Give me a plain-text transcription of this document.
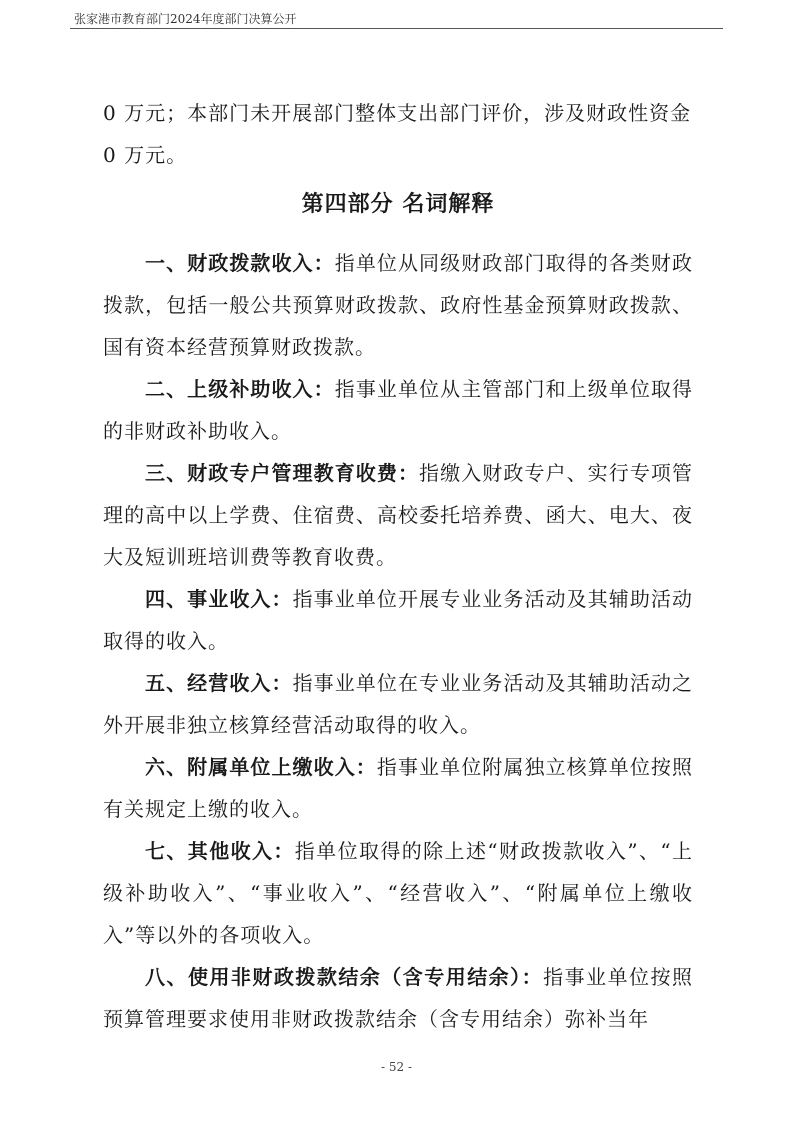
张家港市教育部门2024年度部门决算公开

0 万元；本部门未开展部门整体支出部门评价，涉及财政性资金

0 万元。

第四部分 名词解释

一、财政拨款收入：指单位从同级财政部门取得的各类财政拨款，包括一般公共预算财政拨款、政府性基金预算财政拨款、国有资本经营预算财政拨款。

二、上级补助收入：指事业单位从主管部门和上级单位取得的非财政补助收入。

三、财政专户管理教育收费：指缴入财政专户、实行专项管理的高中以上学费、住宿费、高校委托培养费、函大、电大、夜大及短训班培训费等教育收费。

四、事业收入：指事业单位开展专业业务活动及其辅助活动取得的收入。

五、经营收入：指事业单位在专业业务活动及其辅助活动之外开展非独立核算经营活动取得的收入。

六、附属单位上缴收入：指事业单位附属独立核算单位按照有关规定上缴的收入。

七、其他收入：指单位取得的除上述“财政拨款收入”、“上级补助收入”、“事业收入”、“经营收入”、“附属单位上缴收入”等以外的各项收入。

八、使用非财政拨款结余（含专用结余）：指事业单位按照预算管理要求使用非财政拨款结余（含专用结余）弥补当年

- 52 -
